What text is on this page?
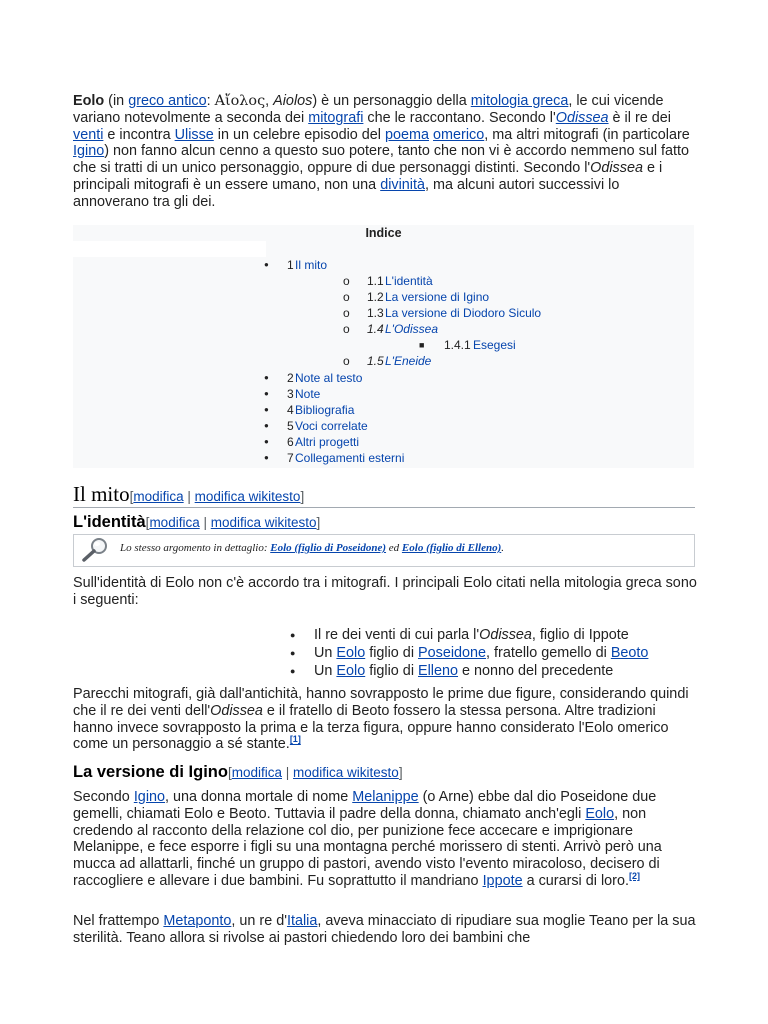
Eolo (in greco antico: Αἴολος, Aiolos) è un personaggio della mitologia greca, le cui vicende variano notevolmente a seconda dei mitografi che le raccontano. Secondo l'Odissea è il re dei venti e incontra Ulisse in un celebre episodio del poema omerico, ma altri mitografi (in particolare Igino) non fanno alcun cenno a questo suo potere, tanto che non vi è accordo nemmeno sul fatto che si tratti di un unico personaggio, oppure di due personaggi distinti. Secondo l'Odissea e i principali mitografi è un essere umano, non una divinità, ma alcuni autori successivi lo annoverano tra gli dei.

Indice
● 1 Il mito
o 1.1 L'identità
o 1.2 La versione di Igino
o 1.3 La versione di Diodoro Siculo
o 1.4 L'Odissea
■ 1.4.1 Esegesi
o 1.5 L'Eneide
● 2 Note al testo
● 3 Note
● 4 Bibliografia
● 5 Voci correlate
● 6 Altri progetti
● 7 Collegamenti esterni
Il mito[modifica | modifica wikitesto]
L'identità[modifica | modifica wikitesto]
Lo stesso argomento in dettaglio: Eolo (figlio di Poseidone) ed Eolo (figlio di Elleno).

Sull'identità di Eolo non c'è accordo tra i mitografi. I principali Eolo citati nella mitologia greca sono i seguenti:

● Il re dei venti di cui parla l'Odissea, figlio di Ippote
● Un Eolo figlio di Poseidone, fratello gemello di Beoto
● Un Eolo figlio di Elleno e nonno del precedente

Parecchi mitografi, già dall'antichità, hanno sovrapposto le prime due figure, considerando quindi che il re dei venti dell'Odissea e il fratello di Beoto fossero la stessa persona. Altre tradizioni hanno invece sovrapposto la prima e la terza figura, oppure hanno considerato l'Eolo omerico come un personaggio a sé stante.[1]

La versione di Igino[modifica | modifica wikitesto]

Secondo Igino, una donna mortale di nome Melanippe (o Arne) ebbe dal dio Poseidone due gemelli, chiamati Eolo e Beoto. Tuttavia il padre della donna, chiamato anch'egli Eolo, non credendo al racconto della relazione col dio, per punizione fece accecare e imprigionare Melanippe, e fece esporre i figli su una montagna perché morissero di stenti. Arrivò però una mucca ad allattarli, finché un gruppo di pastori, avendo visto l'evento miracoloso, decisero di raccogliere e allevare i due bambini. Fu soprattutto il mandriano Ippote a curarsi di loro.[2]

Nel frattempo Metaponto, un re d'Italia, aveva minacciato di ripudiare sua moglie Teano per la sua sterilità. Teano allora si rivolse ai pastori chiedendo loro dei bambini che
